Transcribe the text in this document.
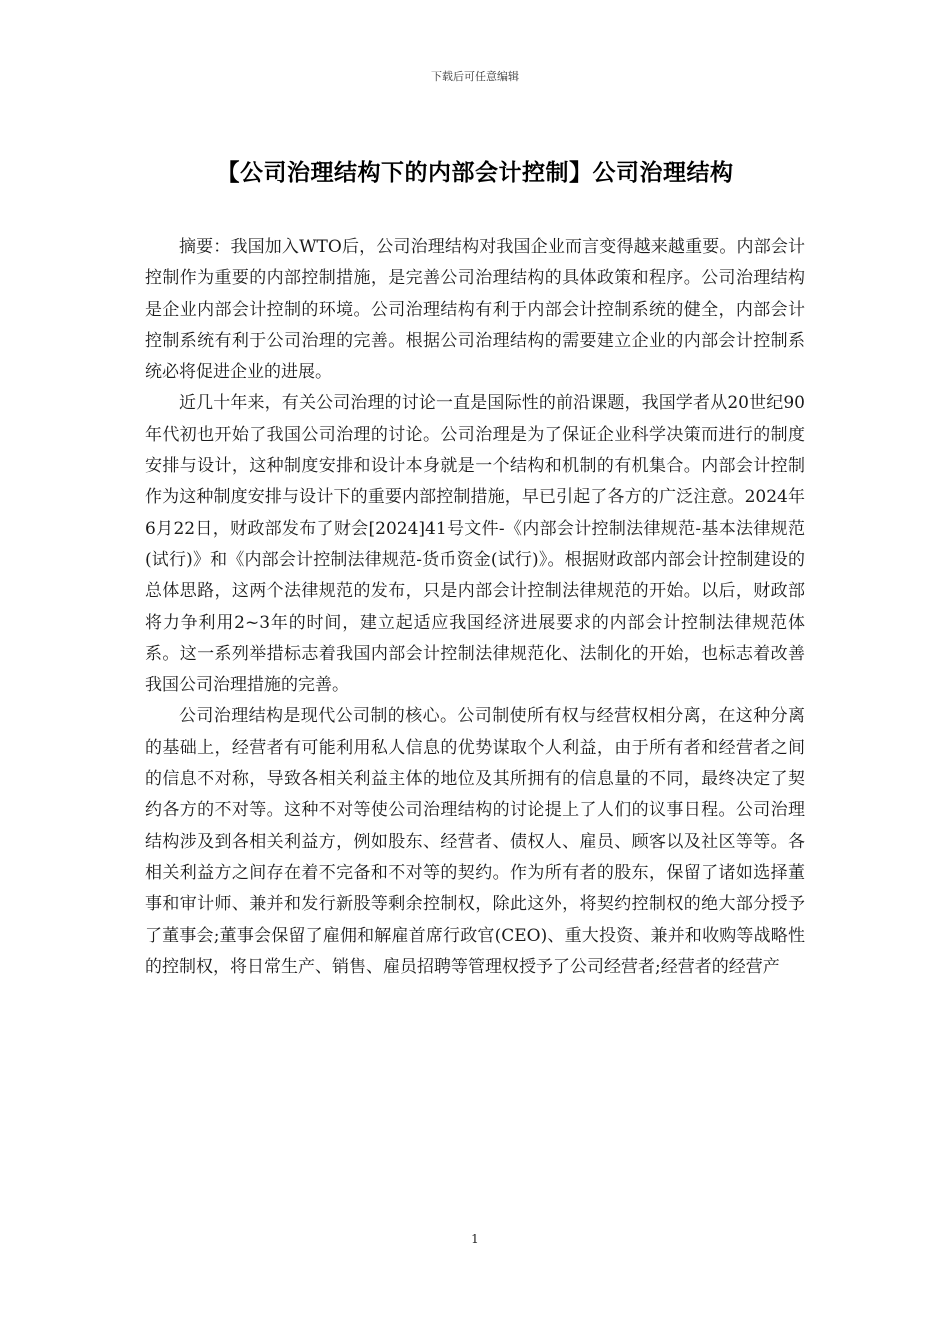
下载后可任意编辑
【公司治理结构下的内部会计控制】公司治理结构

摘要：我国加入WTO后，公司治理结构对我国企业而言变得越来越重要。内部会计控制作为重要的内部控制措施，是完善公司治理结构的具体政策和程序。公司治理结构是企业内部会计控制的环境。公司治理结构有利于内部会计控制系统的健全，内部会计控制系统有利于公司治理的完善。根据公司治理结构的需要建立企业的内部会计控制系统必将促进企业的进展。

近几十年来，有关公司治理的讨论一直是国际性的前沿课题，我国学者从20世纪90年代初也开始了我国公司治理的讨论。公司治理是为了保证企业科学决策而进行的制度安排与设计，这种制度安排和设计本身就是一个结构和机制的有机集合。内部会计控制作为这种制度安排与设计下的重要内部控制措施，早已引起了各方的广泛注意。2024年6月22日，财政部发布了财会[2024]41号文件-《内部会计控制法律规范-基本法律规范(试行)》和《内部会计控制法律规范-货币资金(试行)》。根据财政部内部会计控制建设的总体思路，这两个法律规范的发布，只是内部会计控制法律规范的开始。以后，财政部将力争利用2~3年的时间，建立起适应我国经济进展要求的内部会计控制法律规范体系。这一系列举措标志着我国内部会计控制法律规范化、法制化的开始，也标志着改善我国公司治理措施的完善。

公司治理结构是现代公司制的核心。公司制使所有权与经营权相分离，在这种分离的基础上，经营者有可能利用私人信息的优势谋取个人利益，由于所有者和经营者之间的信息不对称，导致各相关利益主体的地位及其所拥有的信息量的不同，最终决定了契约各方的不对等。这种不对等使公司治理结构的讨论提上了人们的议事日程。公司治理结构涉及到各相关利益方，例如股东、经营者、债权人、雇员、顾客以及社区等等。各相关利益方之间存在着不完备和不对等的契约。作为所有者的股东，保留了诸如选择董事和审计师、兼并和发行新股等剩余控制权，除此这外，将契约控制权的绝大部分授予了董事会;董事会保留了雇佣和解雇首席行政官(CEO)、重大投资、兼并和收购等战略性的控制权，将日常生产、销售、雇员招聘等管理权授予了公司经营者;经营者的经营产

1
